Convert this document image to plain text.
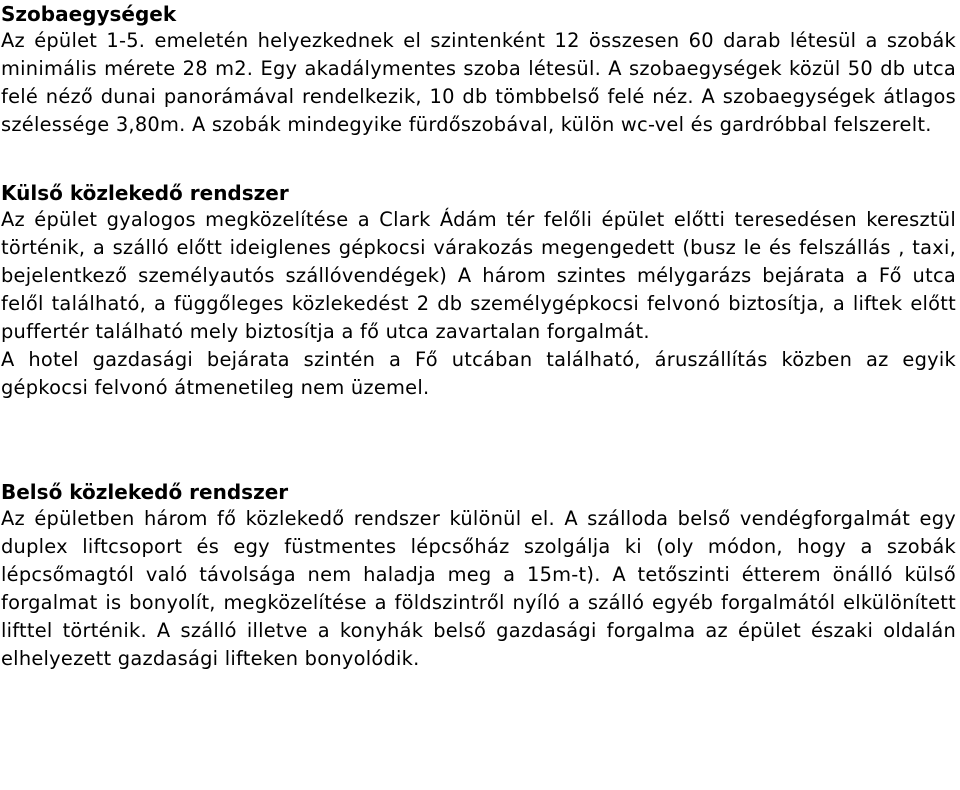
Szobaegységek

Az épület 1-5. emeletén helyezkednek el szintenként 12 összesen 60 darab létesül a szobák minimális mérete 28 m2. Egy akadálymentes szoba létesül. A szobaegységek közül 50 db utca felé néző dunai panorámával rendelkezik, 10 db tömbbelső felé néz. A szobaegységek átlagos szélessége 3,80m. A szobák mindegyike fürdőszobával, külön wc-vel és gardróbbal felszerelt.

Külső közlekedő rendszer

Az épület gyalogos megközelítése a Clark Ádám tér felőli épület előtti teresedésen keresztül történik, a szálló előtt ideiglenes gépkocsi várakozás megengedett (busz le és felszállás , taxi, bejelentkező személyautós szállóvendégek) A három szintes mélygarázs bejárata a Fő utca felől található, a függőleges közlekedést 2 db személygépkocsi felvonó biztosítja, a liftek előtt puffertér található mely biztosítja a fő utca zavartalan forgalmát.

A hotel gazdasági bejárata szintén a Fő utcában található, áruszállítás közben az egyik gépkocsi felvonó átmenetileg nem üzemel.

Belső közlekedő rendszer

Az épületben három fő közlekedő rendszer különül el. A szálloda belső vendégforgalmát egy duplex liftcsoport és egy füstmentes lépcsőház szolgálja ki (oly módon, hogy a szobák lépcsőmagtól való távolsága nem haladja meg a 15m-t). A tetőszinti étterem önálló külső forgalmat is bonyolít, megközelítése a földszintről nyíló a szálló egyéb forgalmától elkülönített lifttel történik. A szálló illetve a konyhák belső gazdasági forgalma az épület északi oldalán elhelyezett gazdasági lifteken bonyolódik.
